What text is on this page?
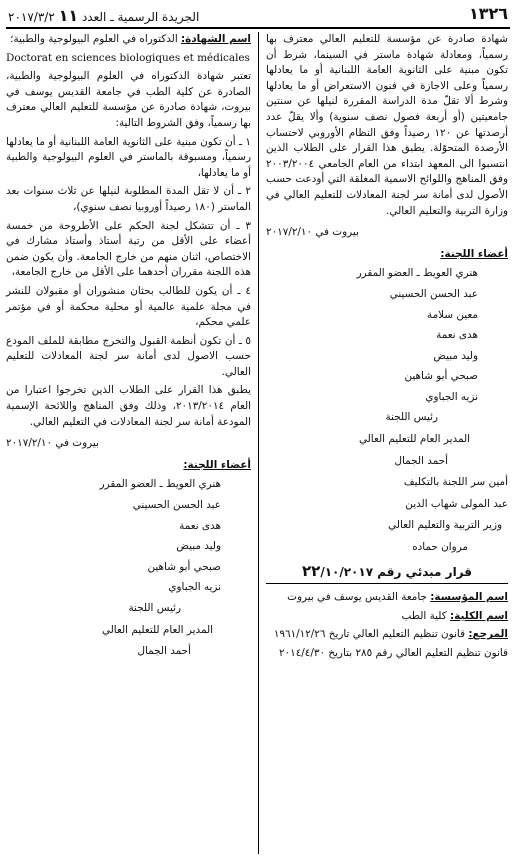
١٣٢٦
الجريدة الرسمية ـ العدد ١١ ٢٠١٧/٣/٢

شهادة صادرة عن مؤسسة للتعليم العالي معترف بها رسمياً، ومعادلة شهادة ماستر في السينما، شرط أن تكون مبنية على الثانوية العامة اللبنانية أو ما يعادلها رسمياً وعلى الاجازة في فنون الاستعراض أو ما يعادلها وشرط ألا تقلّ مدة الدراسة المقررة لنيلها عن سنتين جامعيتين (أو أربعة فصول نصف سنوية) وألا يقلّ عدد أرصدتها عن ١٢٠ رصيداً وفق النظام الأوروبي لاحتساب الأرصدة المتحوّلة. يطبق هذا القرار على الطلاب الذين انتسبوا الى المعهد ابتداء من العام الجامعي ٢٠٠٣/٢٠٠٤ وفق المناهج واللوائح الاسمية المغلقة التي أودعت حسب الأصول لدى أمانة سر لجنة المعادلات للتعليم العالي في وزارة التربية والتعليم العالي.

بيروت في ٢٠١٧/٢/١٠
أعضاء اللجنة:
هنري العويط ـ العضو المقرر
عبد الحسن الحسيني
معين سلامة
هدى نعمة
وليد مبيض
صبحي أبو شاهين
نزيه الجباوي
رئيس اللجنة
المدير العام للتعليم العالي
أحمد الجمال
أمين سر اللجنة بالتكليف
عبد المولى شهاب الدين
وزير التربية والتعليم العالي
مروان حماده
قرار مبدئي رقم ٢٢/١٠/٢٠١٧

اسم المؤسسة: جامعة القديس يوسف في بيروت

اسم الكلية: كلية الطب

المرجع: قانون تنظيم التعليم العالي تاريخ ١٩٦١/١٢/٢٦

قانون تنظيم التعليم العالي رقم ٢٨٥ بتاريخ ٢٠١٤/٤/٣٠

اسم الشهادة: الدكتوراه في العلوم البيولوجية والطبية؛

Doctorat en sciences biologiques et médicales

تعتبر شهادة الدكتوراه في العلوم البيولوجية والطبية، الصادرة عن كلية الطب في جامعة القديس يوسف في بيروت، شهادة صادرة عن مؤسسة للتعليم العالي معترف بها رسمياً، وفق الشروط التالية:

١ ـ أن تكون مبنية على الثانوية العامة اللبنانية أو ما يعادلها رسمياً، ومسبوقة بالماستر في العلوم البيولوجية والطبية أو ما يعادلها،

٢ ـ أن لا تقل المدة المطلوبة لنيلها عن ثلاث سنوات بعد الماستر (١٨٠ رصيداً أوروبيا نصف سنوي)،

٣ ـ أن تتشكل لجنة الحكم على الأطروحة من خمسة أعضاء على الأقل من رتبة أستاذ وأستاذ مشارك في الاختصاص، اثنان منهم من خارج الجامعة. وأن يكون ضمن هذه اللجنة مقرران أحدهما على الأقل من خارج الجامعة،

٤ ـ أن يكون للطالب بحثان منشوران أو مقبولان للنشر في مجلة علمية عالمية أو محلية محكمة أو في مؤتمر علمي محكم،

٥ ـ أن تكون أنظمة القبول والتخرج مطابقة للملف المودع حسب الاصول لدى أمانة سر لجنة المعادلات للتعليم العالي.

يطبق هذا القرار على الطلاب الذين تخرجوا اعتبارا من العام ٢٠١٣/٢٠١٤، وذلك وفق المناهج واللائحة الإسمية المودعة أمانة سر لجنة المعادلات في التعليم العالي.

بيروت في ٢٠١٧/٢/١٠
أعضاء اللجنة:
هنري العويط ـ العضو المقرر
عبد الحسن الحسيني
هدى نعمة
وليد مبيض
صبحي أبو شاهين
نزيه الجباوي
رئيس اللجنة
المدير العام للتعليم العالي
أحمد الجمال
